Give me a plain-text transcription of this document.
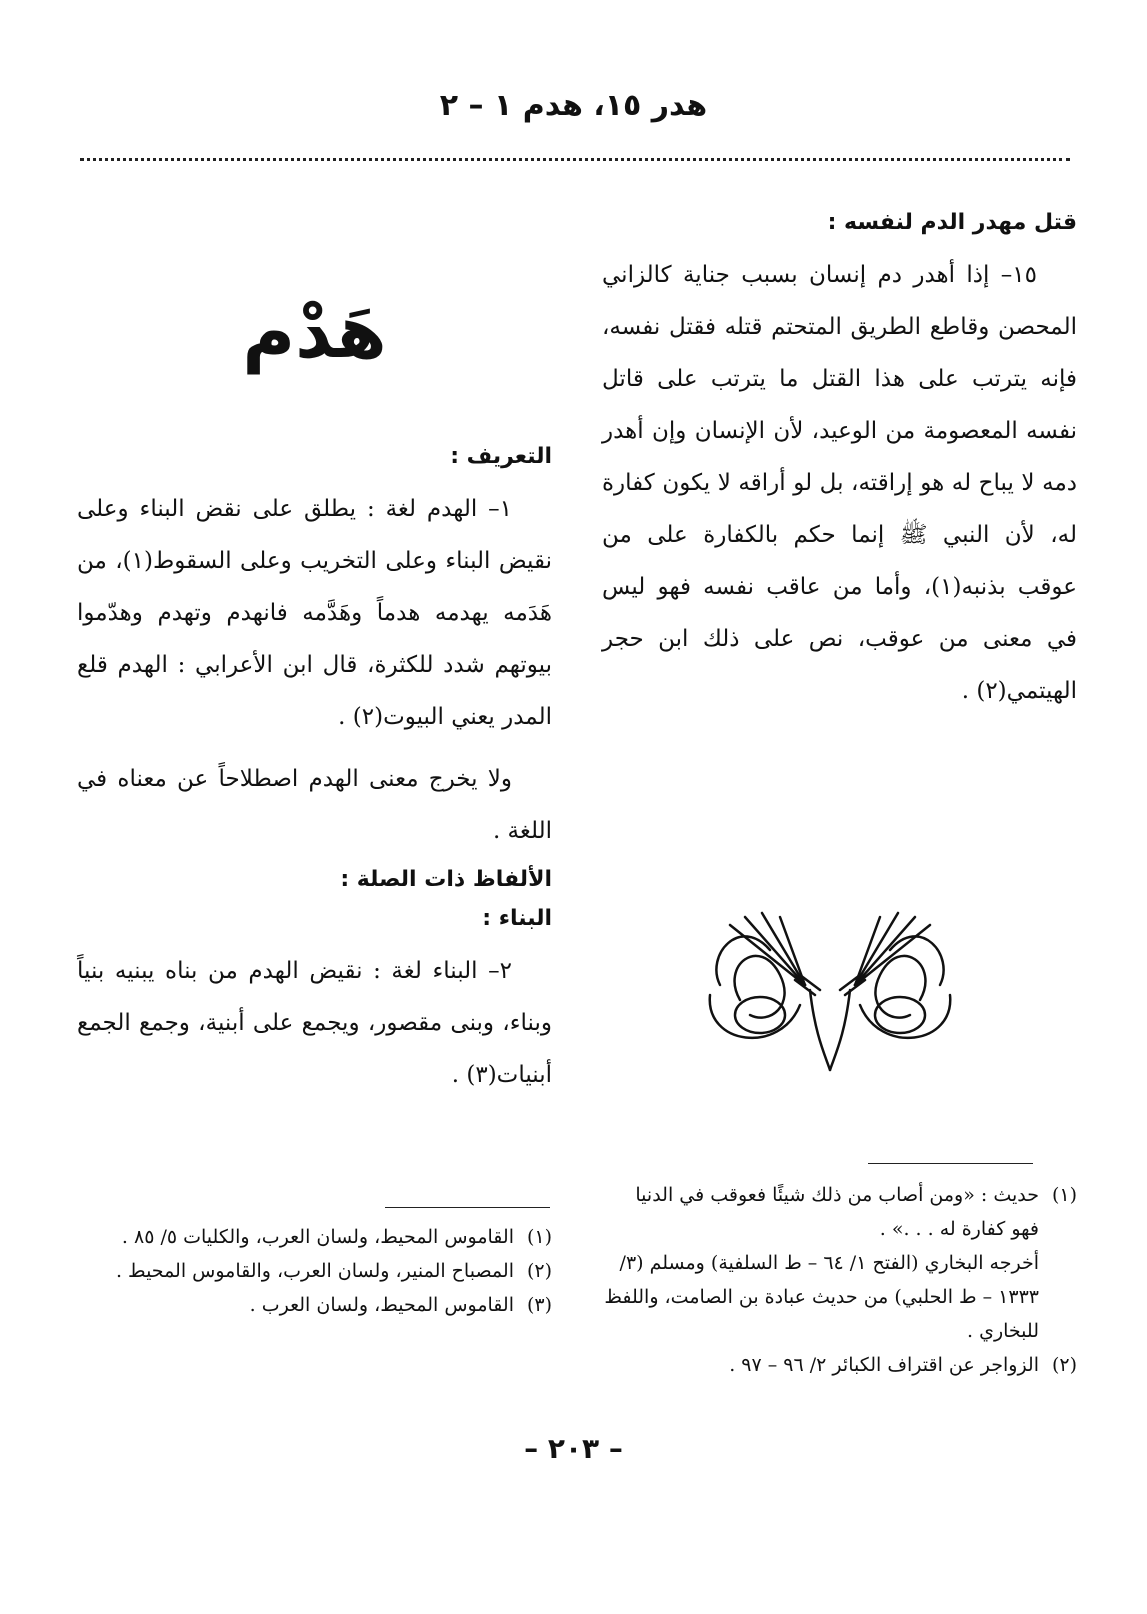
هدر ١٥، هدم ١ – ٢
قتل مهدر الدم لنفسه :

١٥– إذا أهدر دم إنسان بسبب جناية كالزاني المحصن وقاطع الطريق المتحتم قتله فقتل نفسه، فإنه يترتب على هذا القتل ما يترتب على قاتل نفسه المعصومة من الوعيد، لأن الإنسان وإن أهدر دمه لا يباح له هو إراقته، بل لو أراقه لا يكون كفارة له، لأن النبي ﷺ إنما حكم بالكفارة على من عوقب بذنبه(١)، وأما من عاقب نفسه فهو ليس في معنى من عوقب، نص على ذلك ابن حجر الهيتمي(٢) .

هَدْم
التعريف :

١– الهدم لغة : يطلق على نقض البناء وعلى نقيض البناء وعلى التخريب وعلى السقوط(١)، من هَدَمه يهدمه هدماً وهَدَّمه فانهدم وتهدم وهدّموا بيوتهم شدد للكثرة، قال ابن الأعرابي : الهدم قلع المدر يعني البيوت(٢) .

ولا يخرج معنى الهدم اصطلاحاً عن معناه في اللغة .

الألفاظ ذات الصلة :
البناء :

٢– البناء لغة : نقيض الهدم من بناه يبنيه بنياً وبناء، وبنى مقصور، ويجمع على أبنية، وجمع الجمع أبنيات(٣) .

(١)
حديث : «ومن أصاب من ذلك شيئًا فعوقب في الدنيا فهو كفارة له . . .» .
أخرجه البخاري (الفتح ١/ ٦٤ – ط السلفية) ومسلم (٣/ ١٣٣٣ – ط الحلبي) من حديث عبادة بن الصامت، واللفظ للبخاري .
(٢)
الزواجر عن اقتراف الكبائر ٢/ ٩٦ – ٩٧ .
(١)
القاموس المحيط، ولسان العرب، والكليات ٥/ ٨٥ .
(٢)
المصباح المنير، ولسان العرب، والقاموس المحيط .
(٣)
القاموس المحيط، ولسان العرب .
– ٢٠٣ –
